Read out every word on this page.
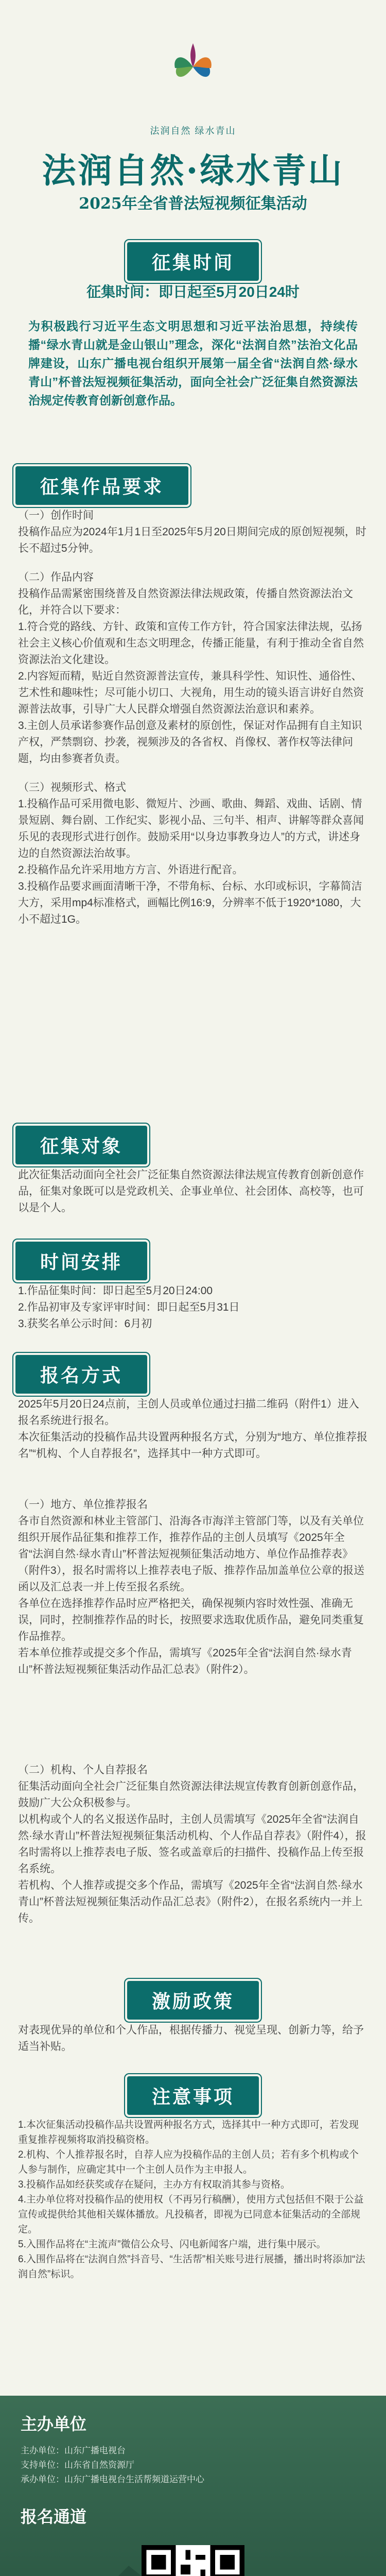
法润自然 绿水青山
法润自然·绿水青山
2025年全省普法短视频征集活动
征集时间
征集时间：即日起至5月20日24时
为积极践行习近平生态文明思想和习近平法治思想，持续传播“绿水青山就是金山银山”理念，深化“法润自然”法治文化品牌建设，山东广播电视台组织开展第一届全省“法润自然·绿水青山”杯普法短视频征集活动，面向全社会广泛征集自然资源法治规定传教育创新创意作品。
征集作品要求

（一）创作时间

投稿作品应为2024年1月1日至2025年5月20日期间完成的原创短视频，时长不超过5分钟。

（二）作品内容

投稿作品需紧密围绕普及自然资源法律法规政策，传播自然资源法治文化，并符合以下要求：

1.符合党的路线、方针、政策和宣传工作方针，符合国家法律法规，弘扬社会主义核心价值观和生态文明理念，传播正能量，有利于推动全省自然资源法治文化建设。

2.内容短而精，贴近自然资源普法宣传，兼具科学性、知识性、通俗性、艺术性和趣味性；尽可能小切口、大视角，用生动的镜头语言讲好自然资源普法故事，引导广大人民群众增强自然资源法治意识和素养。

3.主创人员承诺参赛作品创意及素材的原创性，保证对作品拥有自主知识产权，严禁剽窃、抄袭，视频涉及的各省权、肖像权、著作权等法律问题，均由参赛者负责。

（三）视频形式、格式

1.投稿作品可采用微电影、微短片、沙画、歌曲、舞蹈、戏曲、话剧、情景短剧、舞台剧、工作纪实、影视小品、三句半、相声、讲解等群众喜闻乐见的表现形式进行创作。鼓励采用“以身边事教身边人”的方式，讲述身边的自然资源法治故事。

2.投稿作品允许采用地方方言、外语进行配音。

3.投稿作品要求画面清晰干净，不带角标、台标、水印或标识，字幕简洁大方，采用mp4标准格式，画幅比例16:9，分辨率不低于1920*1080，大小不超过1G。

征集对象
此次征集活动面向全社会广泛征集自然资源法律法规宣传教育创新创意作品，征集对象既可以是党政机关、企事业单位、社会团体、高校等，也可以是个人。
时间安排

1.作品征集时间：即日起至5月20日24:00

2.作品初审及专家评审时间：即日起至5月31日

3.获奖名单公示时间：6月初

报名方式

2025年5月20日24点前，主创人员或单位通过扫描二维码（附件1）进入报名系统进行报名。

本次征集活动的投稿作品共设置两种报名方式，分别为“地方、单位推荐报名”“机构、个人自荐报名”，选择其中一种方式即可。

（一）地方、单位推荐报名

各市自然资源和林业主管部门、沿海各市海洋主管部门等，以及有关单位组织开展作品征集和推荐工作，推荐作品的主创人员填写《2025年全省“法润自然·绿水青山”杯普法短视频征集活动地方、单位作品推荐表》（附件3），报名时需将以上推荐表电子版、推荐作品加盖单位公章的报送函以及汇总表一并上传至报名系统。

各单位在选择推荐作品时应严格把关，确保视频内容时效性强、准确无误，同时，控制推荐作品的时长，按照要求选取优质作品，避免同类重复作品推荐。

若本单位推荐或提交多个作品，需填写《2025年全省“法润自然·绿水青山”杯普法短视频征集活动作品汇总表》（附件2）。

（二）机构、个人自荐报名

征集活动面向全社会广泛征集自然资源法律法规宣传教育创新创意作品，鼓励广大公众积极参与。

以机构或个人的名义报送作品时，主创人员需填写《2025年全省“法润自然·绿水青山”杯普法短视频征集活动机构、个人作品自荐表》（附件4），报名时需将以上推荐表电子版、签名或盖章后的扫描件、投稿作品上传至报名系统。

若机构、个人推荐或提交多个作品，需填写《2025年全省“法润自然·绿水青山”杯普法短视频征集活动作品汇总表》（附件2），在报名系统内一并上传。

激励政策
对表现优异的单位和个人作品，根据传播力、视觉呈现、创新力等，给予适当补贴。
注意事项

1.本次征集活动投稿作品共设置两种报名方式，选择其中一种方式即可，若发现重复推荐视频将取消投稿资格。

2.机构、个人推荐报名时，自荐人应为投稿作品的主创人员；若有多个机构或个人参与制作，应确定其中一个主创人员作为主申报人。

3.投稿作品如经获奖或存在疑问，主办方有权取消其参与资格。

4.主办单位将对投稿作品的使用权（不再另行稿酬），使用方式包括但不限于公益宣传或提供给其他相关媒体播放。凡投稿者，即视为已同意本征集活动的全部规定。

5.入围作品将在“主流声”微信公众号、闪电新闻客户端，进行集中展示。

6.入围作品将在“法润自然”抖音号、“生活帮”相关账号进行展播，播出时将添加“法润自然”标识。

主办单位
主办单位：山东广播电视台
支持单位：山东省自然资源厅
承办单位：山东广播电视台生活帮频道运营中心
报名通道
